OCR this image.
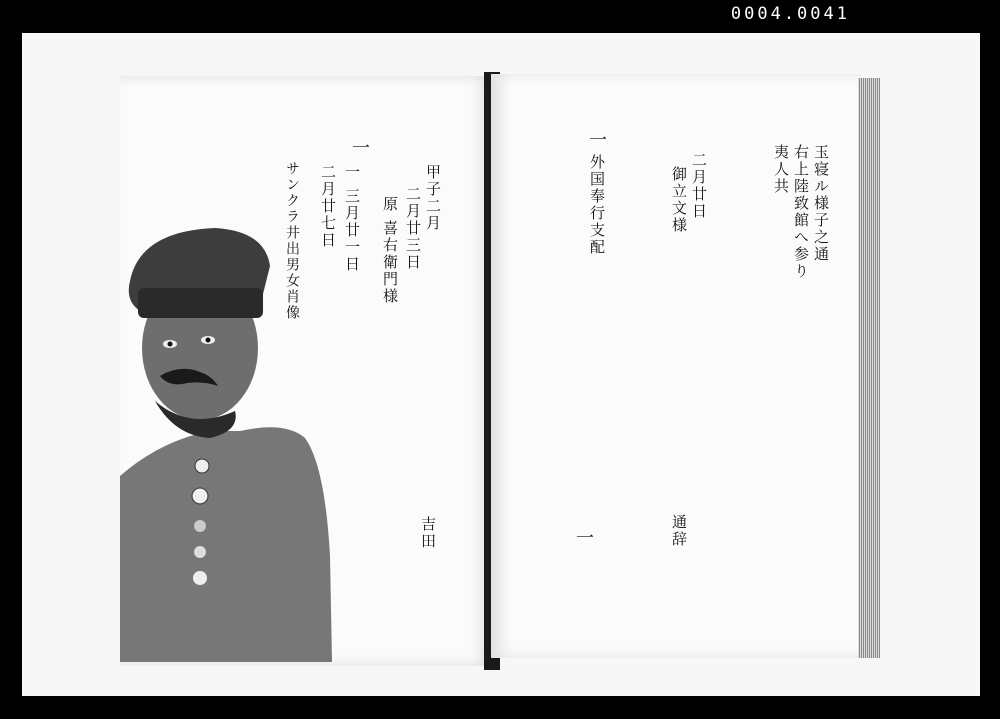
0004.0041
一
サンクラ井出男女肖像	甲子二月
二月廿三日
原 喜右衛門様
一 三月廿一日
二月廿七日
吉田
一
一
玉寝ル様子之通
右上陸致館へ参り
夷人共
二月廿日
御立文様
外国奉行支配
通辞
